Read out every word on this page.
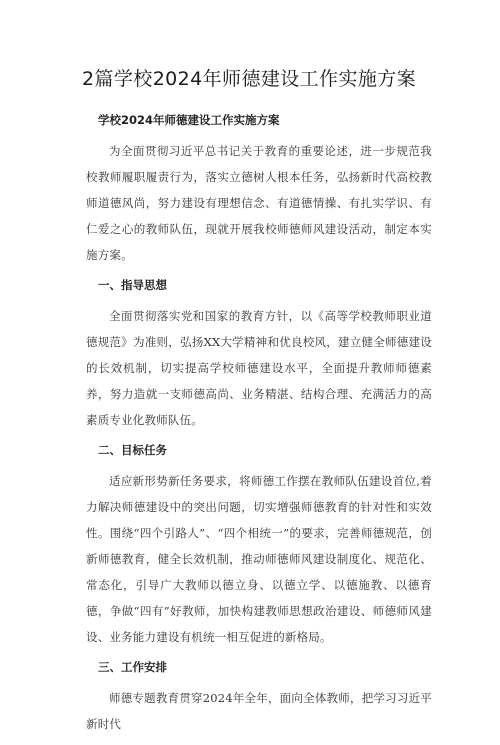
2篇学校2024年师德建设工作实施方案
学校2024年师德建设工作实施方案

为全面贯彻习近平总书记关于教育的重要论述，进一步规范我校教师履职履责行为，落实立德树人根本任务，弘扬新时代高校教师道德风尚，努力建设有理想信念、有道德情操、有扎实学识、有仁爱之心的教师队伍，现就开展我校师德师风建设活动，制定本实施方案。

一、指导思想

全面贯彻落实党和国家的教育方针，以《高等学校教师职业道德规范》为准则，弘扬XX大学精神和优良校风，建立健全师德建设的长效机制，切实提高学校师德建设水平，全面提升教师师德素养，努力造就一支师德高尚、业务精湛、结构合理、充满活力的高素质专业化教师队伍。

二、目标任务

适应新形势新任务要求，将师德工作摆在教师队伍建设首位,着力解决师德建设中的突出问题，切实增强师德教育的针对性和实效性。围绕“四个引路人”、“四个相统一”的要求，完善师德规范，创新师德教育，健全长效机制，推动师德师风建设制度化、规范化、常态化，引导广大教师以德立身、以德立学、以德施教、以德育德，争做“四有”好教师，加快构建教师思想政治建设、师德师风建设、业务能力建设有机统一相互促进的新格局。

三、工作安排

师德专题教育贯穿2024年全年，面向全体教师，把学习习近平新时代
